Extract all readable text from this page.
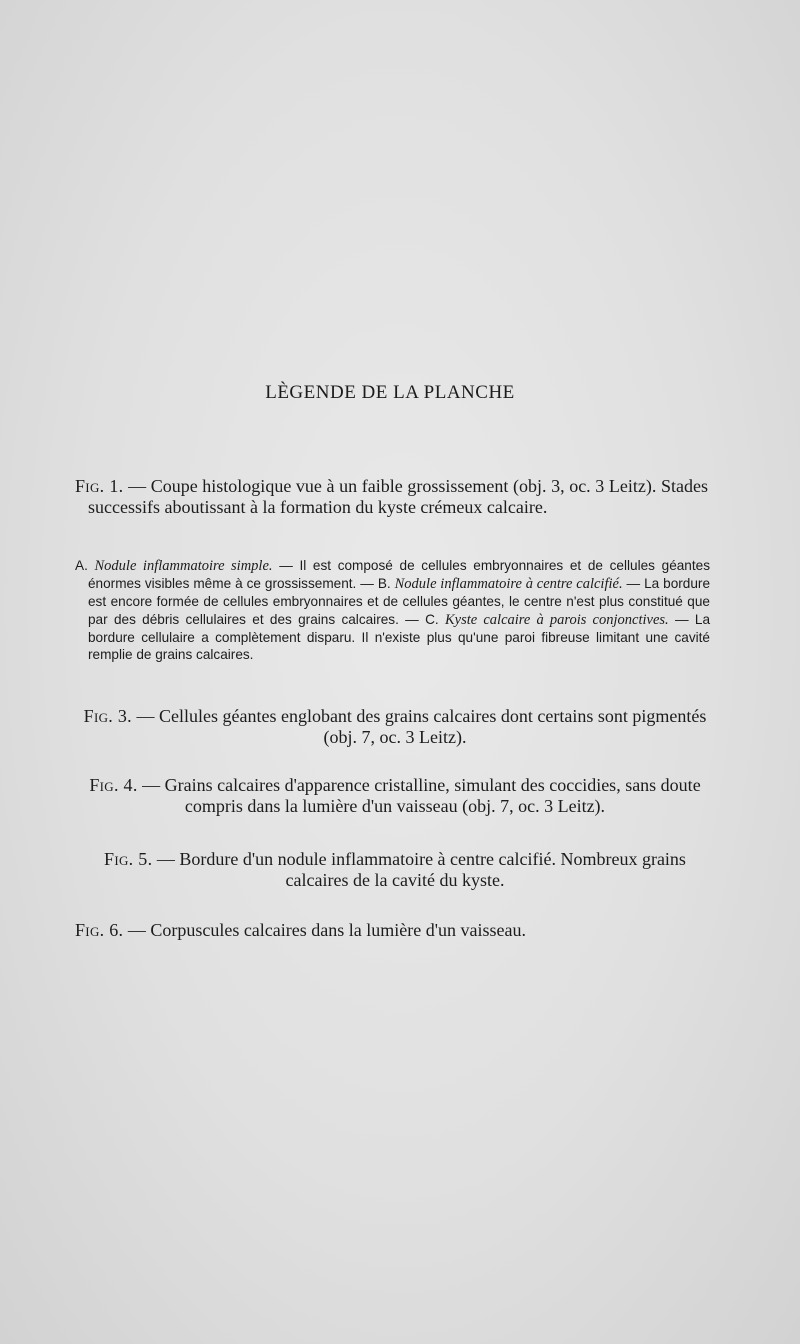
LÈGENDE DE LA PLANCHE
Fig. 1. — Coupe histologique vue à un faible grossissement (obj. 3, oc. 3 Leitz). Stades successifs aboutissant à la formation du kyste crémeux calcaire.
A. Nodule inflammatoire simple. — Il est composé de cellules embryonnaires et de cellules géantes énormes visibles même à ce grossissement. — B. Nodule inflammatoire à centre calcifié. — La bordure est encore formée de cellules embryonnaires et de cellules géantes, le centre n'est plus constitué que par des débris cellulaires et des grains calcaires. — C. Kyste calcaire à parois conjonctives. — La bordure cellulaire a complètement disparu. Il n'existe plus qu'une paroi fibreuse limitant une cavité remplie de grains calcaires.
Fig. 3. — Cellules géantes englobant des grains calcaires dont certains sont pigmentés (obj. 7, oc. 3 Leitz).
Fig. 4. — Grains calcaires d'apparence cristalline, simulant des coccidies, sans doute compris dans la lumière d'un vaisseau (obj. 7, oc. 3 Leitz).
Fig. 5. — Bordure d'un nodule inflammatoire à centre calcifié. Nombreux grains calcaires de la cavité du kyste.
Fig. 6. — Corpuscules calcaires dans la lumière d'un vaisseau.
